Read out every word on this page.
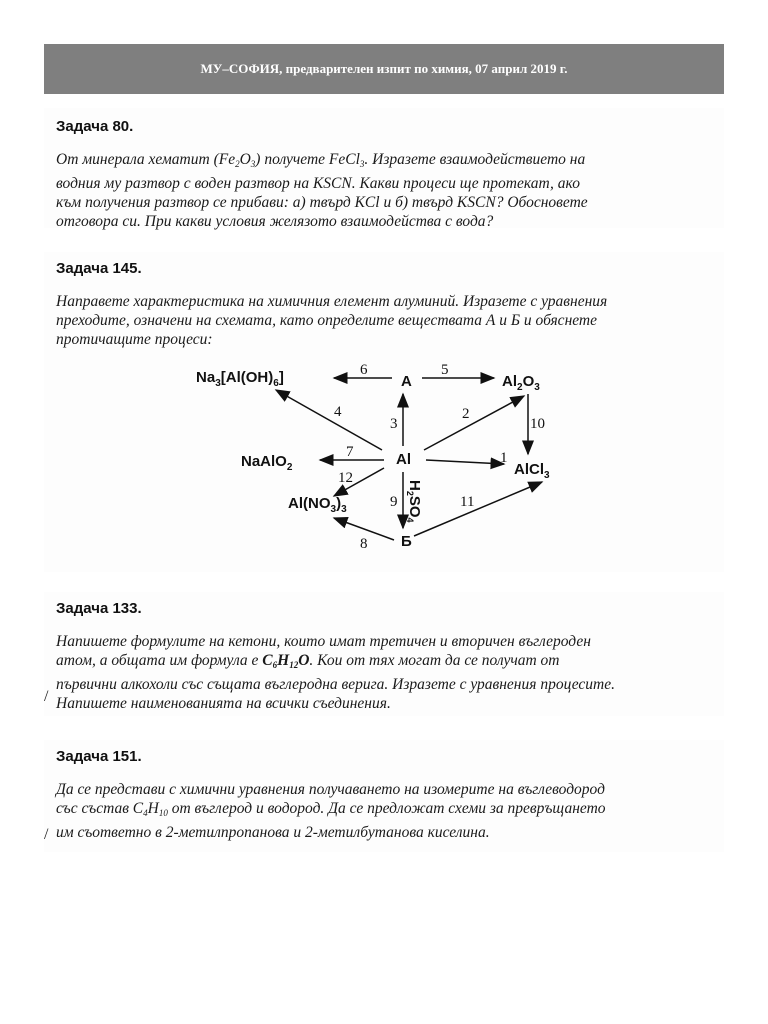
МУ–СОФИЯ, предварителен изпит по химия, 07 април 2019 г.
Задача 80.
От минерала хематит $(Fe_2O_3)$ получете FeCl$_3$. Изразете взаимодействието на
водния му разтвор с воден разтвор на KSCN. Какви процеси ще протекат, ако
към получения разтвор се прибави: а) твърд KCl и б) твърд KSCN? Обосновете
отговора си. При какви условия желязото взаимодейства с вода?
Задача 145.
Направете характеристика на химичния елемент алуминий. Изразете с уравнения
преходите, означени на схемата, като определите веществата А и Б и обяснете
протичащите процеси:
$Na_3[Al(OH)_6]$	A	$Al_2O_3$
NaAlO$_2$	Al
AlCl$_3$
$Al(NO_3)_3$
Б
1
2
3
4
5
6
7
8
9
10
11
12	$H_2SO_4$
Задача 133.
Напишете формулите на кетони, които имат третичен и вторичен въглероден
атом, а общата им формула е $C_6H_{12}O$. Кои от тях могат да се получат от
първични алкохоли със същата въглеродна верига. Изразете с уравнения процесите.
Напишете наименованията на всички съединения.
/
Задача 151.
Да се представи с химични уравнения получаването на изомерите на въглеводород
със състав $C_4H_{10}$ от въглерод и водород. Да се предложат схеми за превръщането
им съответно в 2-метилпропанова и 2-метилбутанова киселина.
/
